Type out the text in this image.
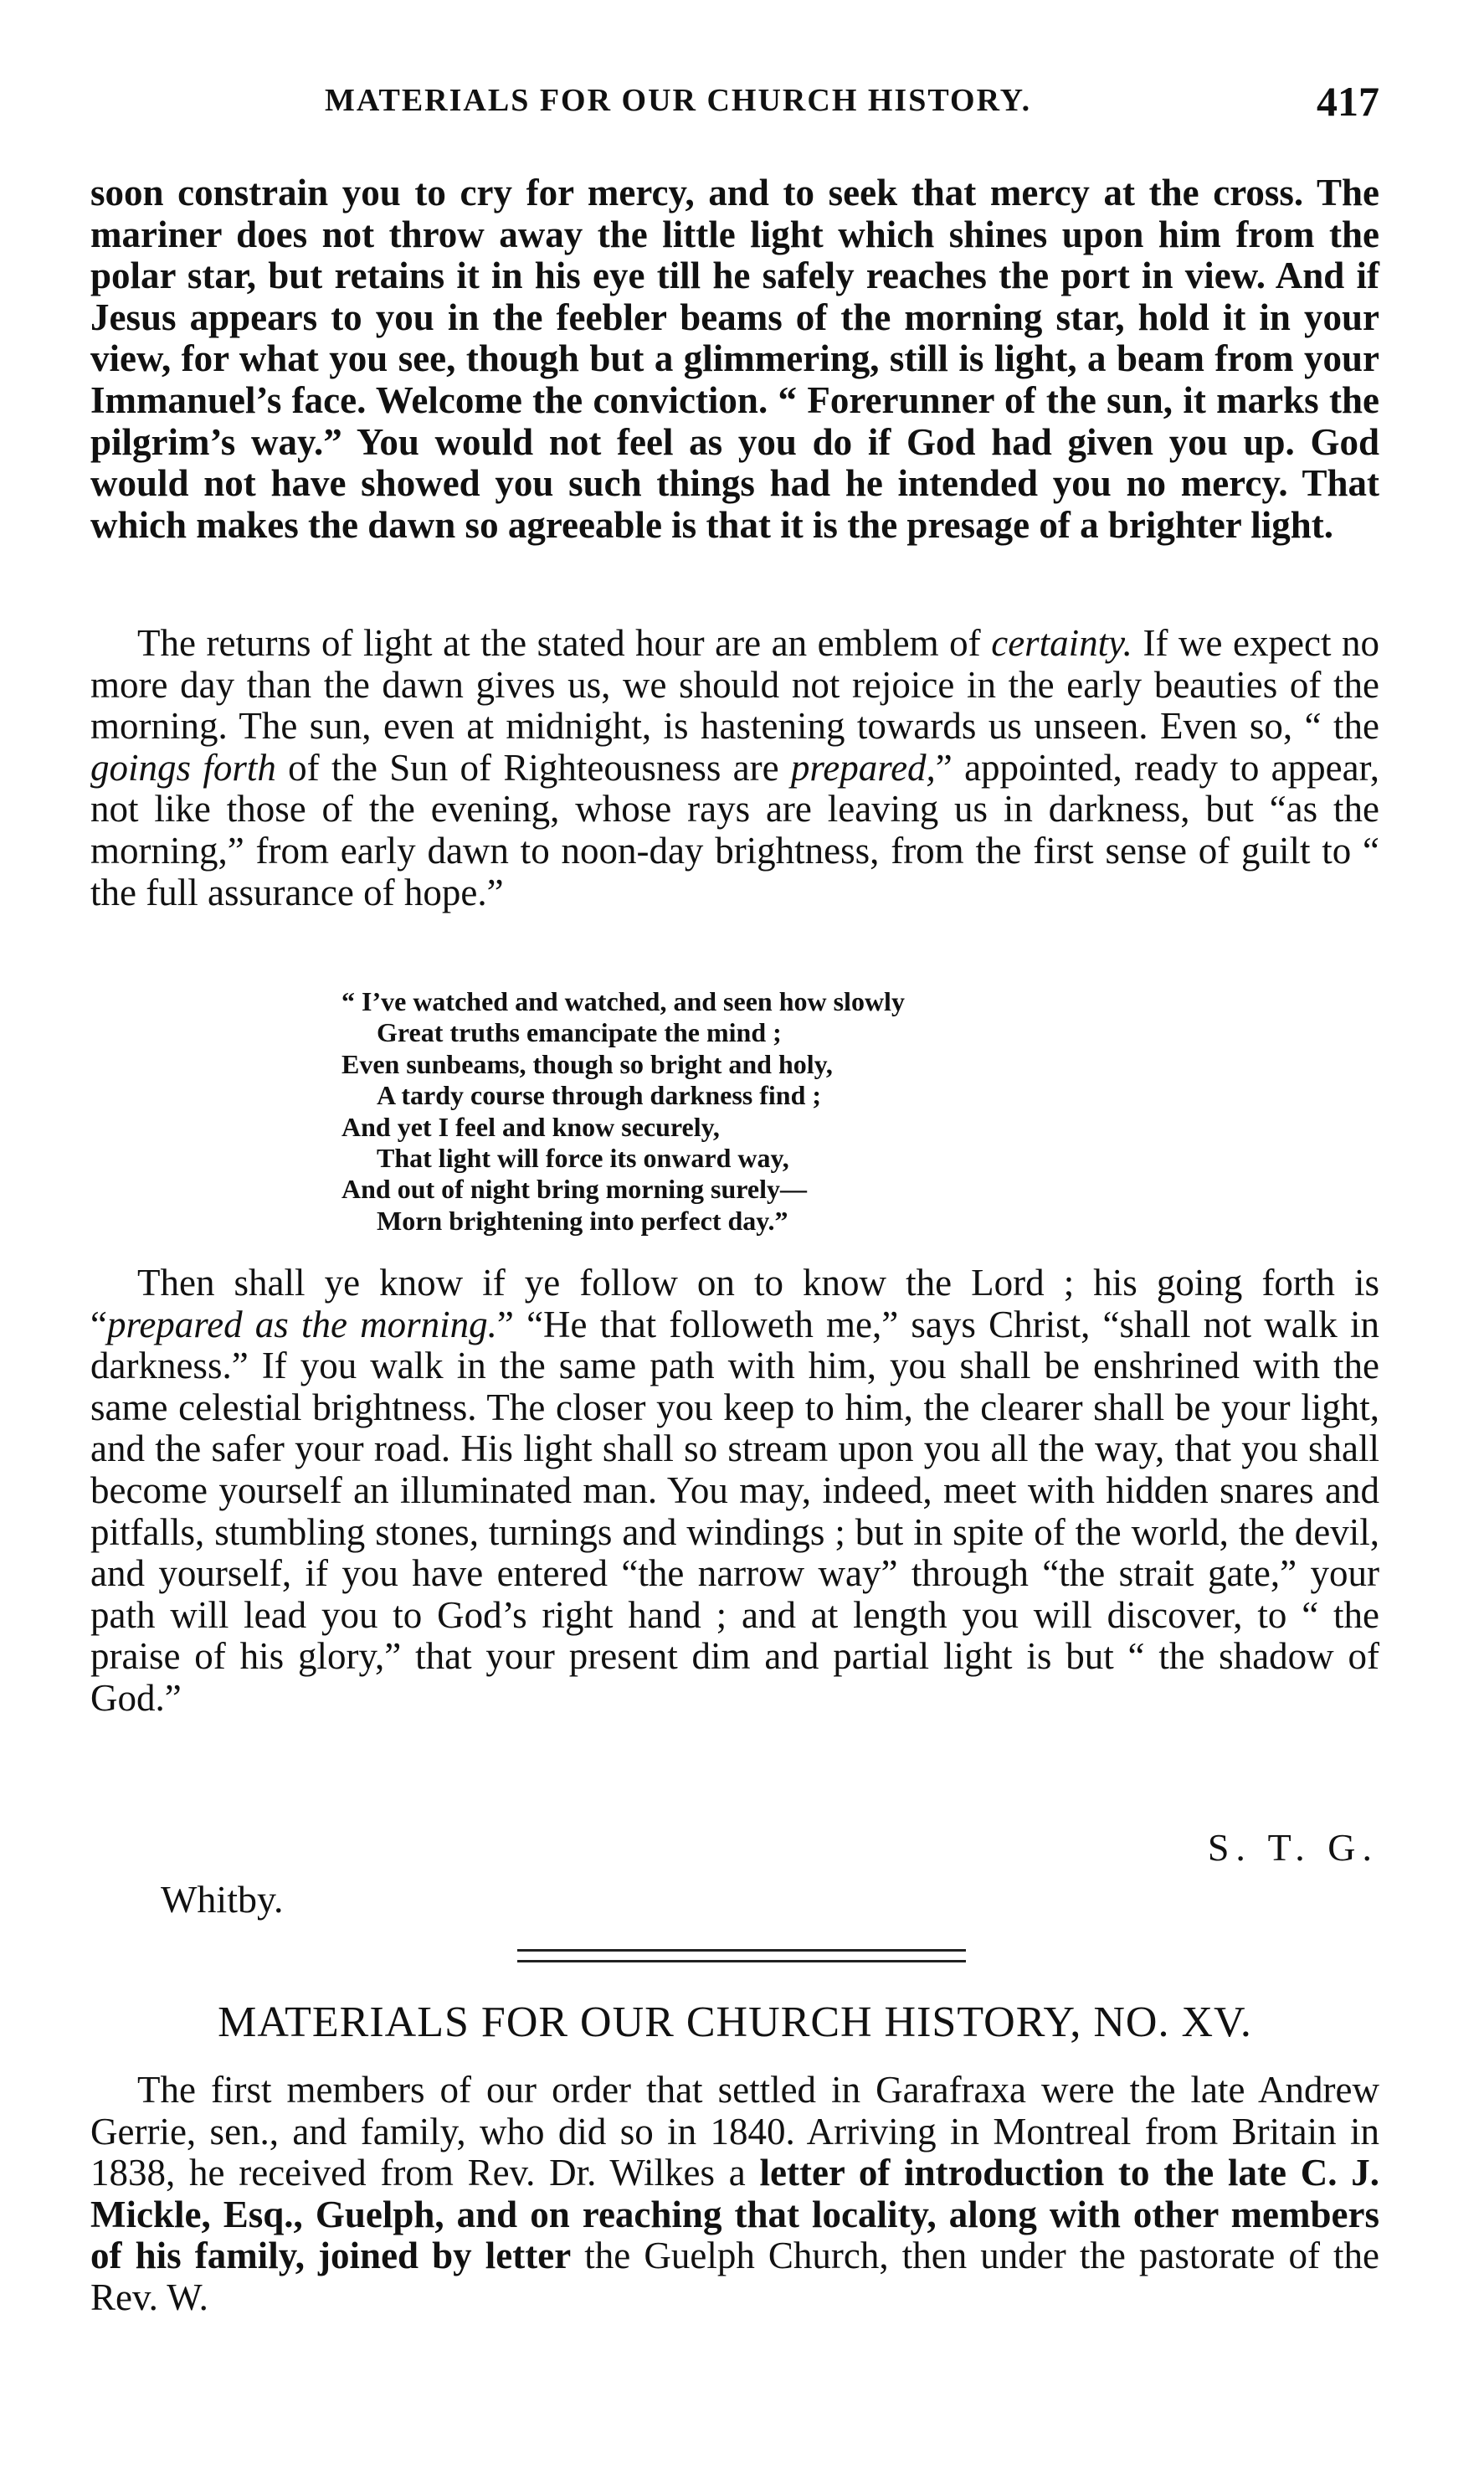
MATERIALS FOR OUR CHURCH HISTORY.	417

soon constrain you to cry for mercy, and to seek that mercy at the cross. The mariner does not throw away the little light which shines upon him from the polar star, but retains it in his eye till he safely reaches the port in view. And if Jesus appears to you in the feebler beams of the morning star, hold it in your view, for what you see, though but a glimmering, still is light, a beam from your Immanuel’s face. Welcome the conviction. “ Forerunner of the sun, it marks the pilgrim’s way.” You would not feel as you do if God had given you up. God would not have showed you such things had he intended you no mercy. That which makes the dawn so agreeable is that it is the presage of a brighter light.

The returns of light at the stated hour are an emblem of certainty. If we expect no more day than the dawn gives us, we should not rejoice in the early beauties of the morning. The sun, even at midnight, is hastening towards us unseen. Even so, “ the goings forth of the Sun of Righteousness are prepared,” appointed, ready to appear, not like those of the evening, whose rays are leaving us in darkness, but “as the morning,” from early dawn to noon-day brightness, from the first sense of guilt to “ the full assurance of hope.”

“ I’ve watched and watched, and seen how slowly
Great truths emancipate the mind ;
Even sunbeams, though so bright and holy,
A tardy course through darkness find ;
And yet I feel and know securely,
That light will force its onward way,
And out of night bring morning surely—
Morn brightening into perfect day.”

Then shall ye know if ye follow on to know the Lord ; his going forth is “prepared as the morning.” “He that followeth me,” says Christ, “shall not walk in darkness.” If you walk in the same path with him, you shall be enshrined with the same celestial brightness. The closer you keep to him, the clearer shall be your light, and the safer your road. His light shall so stream upon you all the way, that you shall become yourself an illuminated man. You may, indeed, meet with hidden snares and pitfalls, stumbling stones, turnings and windings ; but in spite of the world, the devil, and yourself, if you have entered “the narrow way” through “the strait gate,” your path will lead you to God’s right hand ; and at length you will discover, to “ the praise of his glory,” that your present dim and partial light is but “ the shadow of God.”

S. T. G.
Whitby.
MATERIALS FOR OUR CHURCH HISTORY, NO. XV.

The first members of our order that settled in Garafraxa were the late Andrew Gerrie, sen., and family, who did so in 1840. Arriving in Montreal from Britain in 1838, he received from Rev. Dr. Wilkes a letter of introduction to the late C. J. Mickle, Esq., Guelph, and on reaching that locality, along with other members of his family, joined by letter the Guelph Church, then under the pastorate of the Rev. W.
